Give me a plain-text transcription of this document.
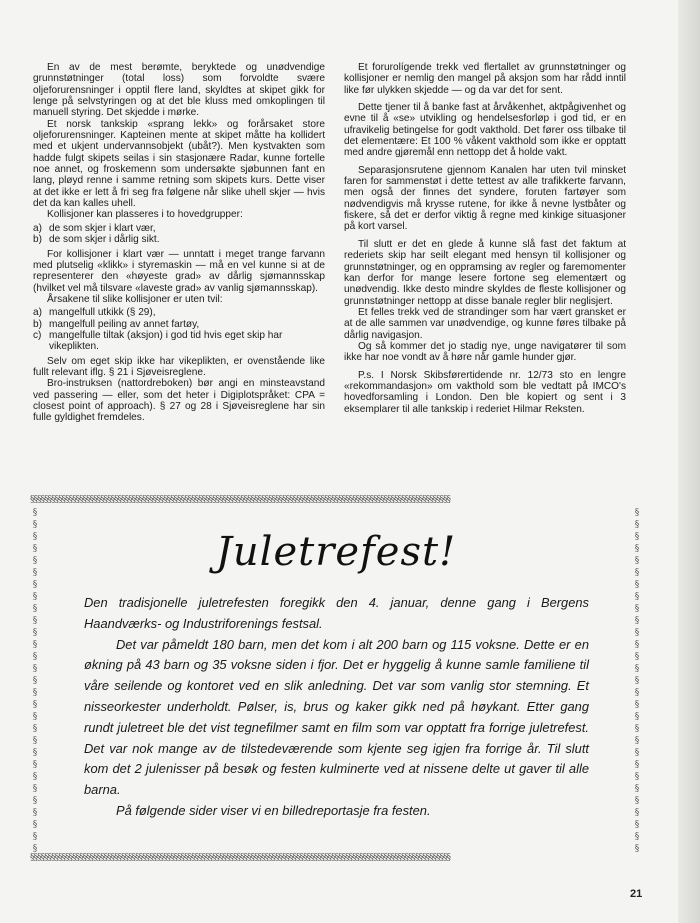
En av de mest berømte, beryktede og unødvendige grunnstøtninger (total loss) som forvoldte svære oljeforurensninger i opptil flere land, skyldtes at skipet gikk for lenge på selvstyringen og at det ble kluss med omkoplingen til manuell styring. Det skjedde i mørke.

Et norsk tankskip «sprang lekk» og forårsaket store oljeforurensninger. Kapteinen mente at skipet måtte ha kollidert med et ukjent undervannsobjekt (ubåt?). Men kystvakten som hadde fulgt skipets seilas i sin stasjonære Radar, kunne fortelle noe annet, og froskemenn som undersøkte sjøbunnen fant en lang, pløyd renne i samme retning som skipets kurs. Dette viser at det ikke er lett å fri seg fra følgene når slike uhell skjer — hvis det da kan kalles uhell.

Kollisjoner kan plasseres i to hovedgrupper:

a) de som skjer i klart vær,
b) de som skjer i dårlig sikt.

For kollisjoner i klart vær — unntatt i meget trange farvann med plutselig «klikk» i styremaskin — må en vel kunne si at de representerer den «høyeste grad» av dårlig sjømannsskap (hvilket vel må tilsvare «laveste grad» av vanlig sjømannsskap).

Årsakene til slike kollisjoner er uten tvil:

a) mangelfull utkikk (§ 29),
b) mangelfull peiling av annet fartøy,
c) mangelfulle tiltak (aksjon) i god tid hvis eget skip har vikeplikten.

Selv om eget skip ikke har vikeplikten, er ovenstående like fullt relevant iflg. § 21 i Sjøveisreglene.

Bro-instruksen (nattordreboken) bør angi en minsteavstand ved passering — eller, som det heter i Digiplotspråket: CPA = closest point of approach). § 27 og 28 i Sjøveisreglene har sin fulle gyldighet fremdeles.

Et forurolígende trekk ved flertallet av grunnstøtninger og kollisjoner er nemlig den mangel på aksjon som har rådd inntil like før ulykken skjedde — og da var det for sent.

Dette tjener til å banke fast at årvåkenhet, aktpågivenhet og evne til å «se» utvikling og hendelsesforløp i god tid, er en ufravikelig betingelse for godt vakthold. Det fører oss tilbake til det elementære: Et 100 % våkent vakthold som ikke er opptatt med andre gjøremål enn nettopp det å holde vakt.

Separasjonsrutene gjennom Kanalen har uten tvil minsket faren for sammenstøt i dette tettest av alle trafikkerte farvann, men også der finnes det syndere, foruten fartøyer som nødvendigvis må krysse rutene, for ikke å nevne lystbåter og fiskere, så det er derfor viktig å regne med kinkige situasjoner på kort varsel.

Til slutt er det en glede å kunne slå fast det faktum at rederiets skip har seilt elegant med hensyn til kollisjoner og grunnstøtninger, og en oppramsing av regler og faremomenter kan derfor for mange lesere fortone seg elementært og unødvendig. Ikke desto mindre skyldes de fleste kollisjoner og grunnstøtninger nettopp at disse banale regler blir neglisjert.

Et felles trekk ved de strandinger som har vært gransket er at de alle sammen var unødvendige, og kunne føres tilbake på dårlig navigasjon.

Og så kommer det jo stadig nye, unge navigatører til som ikke har noe vondt av å høre når gamle hunder gjør.

P.s. I Norsk Skibsførertidende nr. 12/73 sto en lengre «rekommandasjon» om vakthold som ble vedtatt på IMCO's hovedforsamling i London. Den ble kopiert og sent i 3 eksemplarer til alle tankskip i rederiet Hilmar Reksten.

§§§§§§§§§§§§§§§§§§§§§§§§§§§§§§§§§§§§§§§§§§§§§§§§§§§§§§§§§§§§§§§§§§§§§§§§§§§§§§§§§§§§§§§§§§§§§§§§§§§§§§§§§§§§§§§§§§§§§§§§
§§§§§§§§§§§§§§§§§§§§§§§§§§§§§§§§§§§§§§§§§§§§§§§§§§§§§§§§§§§§§§§§§§§§§§§§§§§§§§§§§§§§§§§§§§§§§§§§§§§§§§§§§§§§§§§§§§§§§§§§
§
§
§
§
§
§
§
§
§
§
§
§
§
§
§
§
§
§
§
§
§
§
§
§
§
§
§
§
§

§
§
§
§
§
§
§
§
§
§
§
§
§
§
§
§
§
§
§
§
§
§
§
§
§
§
§
§
§

Juletrefest!

Den tradisjonelle juletrefesten foregikk den 4. januar, denne gang i Bergens Haandværks- og Industriforenings festsal.

Det var påmeldt 180 barn, men det kom i alt 200 barn og 115 voksne. Dette er en økning på 43 barn og 35 voksne siden i fjor. Det er hyggelig å kunne samle familiene til våre seilende og kontoret ved en slik anledning. Det var som vanlig stor stemning. Et nisseorkester underholdt. Pølser, is, brus og kaker gikk ned på høykant. Etter gang rundt juletreet ble det vist tegnefilmer samt en film som var opptatt fra forrige juletrefest. Det var nok mange av de tilstedeværende som kjente seg igjen fra forrige år. Til slutt kom det 2 julenisser på besøk og festen kulminerte ved at nissene delte ut gaver til alle barna.

På følgende sider viser vi en billedreportasje fra festen.

21
